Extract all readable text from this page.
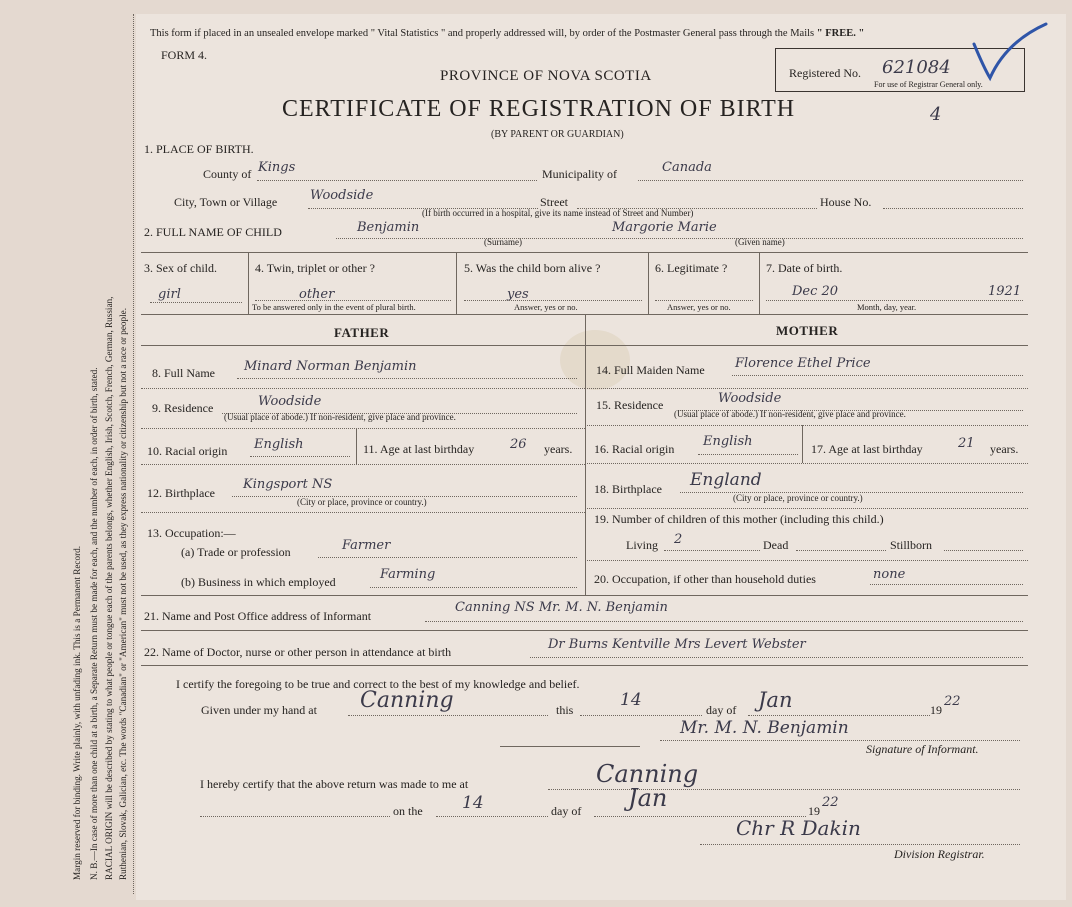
Margin reserved for binding. Write plainly, with unfading ink. This is a Permanent Record. N. B.—In case of more than one child at a birth, a Separate Return must be made for each, and the number of each, in order of birth, stated. RACIAL ORIGIN will be described by stating to what people or tongue each of the parents belongs, whether English, Irish, Scotch, French, German, Russian, Ruthenian, Slovak, Galician, etc. The words "Canadian" or "American" must not be used, as they express nationality or citizenship but not a race or people.
This form if placed in an unsealed envelope marked " Vital Statistics " and properly addressed will, by order of the Postmaster General pass through the Mails " FREE. "
FORM 4.
PROVINCE OF NOVA SCOTIA
CERTIFICATE OF REGISTRATION OF BIRTH
(BY PARENT OR GUARDIAN)
Registered No. 621084
For use of Registrar General only.
4
1. PLACE OF BIRTH.
County of Kings	Municipality of	Canada
City, Town or Village	Woodside	Street	House No.
(If birth occurred in a hospital, give its name instead of Street and Number)
2. FULL NAME OF CHILD	Benjamin	Margorie Marie
(Surname)	(Given name)
3. Sex of child.
girl
4. Twin, triplet or other ?
other
To be answered only in the event of plural birth.
5. Was the child born alive ?
yes
Answer, yes or no.
6. Legitimate ?
Answer, yes or no.
7. Date of birth.
Dec 20	1921
Month, day, year.
FATHER	MOTHER
8. Full Name Minard Norman Benjamin
9. Residence	Woodside
(Usual place of abode.) If non-resident, give place and province.
10. Racial origin English	11. Age at last birthday	26 years.
12. Birthplace
Kingsport NS
(City or place, province or country.)
13. Occupation:—
(a) Trade or profession	Farmer
(b) Business in which employed	Farming
14. Full Maiden Name Florence Ethel Price
15. Residence	Woodside
(Usual place of abode.) If non-resident, give place and province.
16. Racial origin English	17. Age at last birthday	21 years.
18. Birthplace England
(City or place, province or country.)
19. Number of children of this mother (including this child.)
Living 2	Dead	Stillborn
20. Occupation, if other than household duties	none
21. Name and Post Office address of Informant
Canning NS Mr. M. N. Benjamin
22. Name of Doctor, nurse or other person in attendance at birth	Dr Burns Kentville Mrs Levert Webster
I certify the foregoing to be true and correct to the best of my knowledge and belief.
Given under my hand at Canning	this	14	day of Jan	19
22
Mr. M. N. Benjamin
Signature of Informant.
I hereby certify that the above return was made to me at	Canning
on the 14	day of Jan	19
22
Chr R Dakin
Division Registrar.
